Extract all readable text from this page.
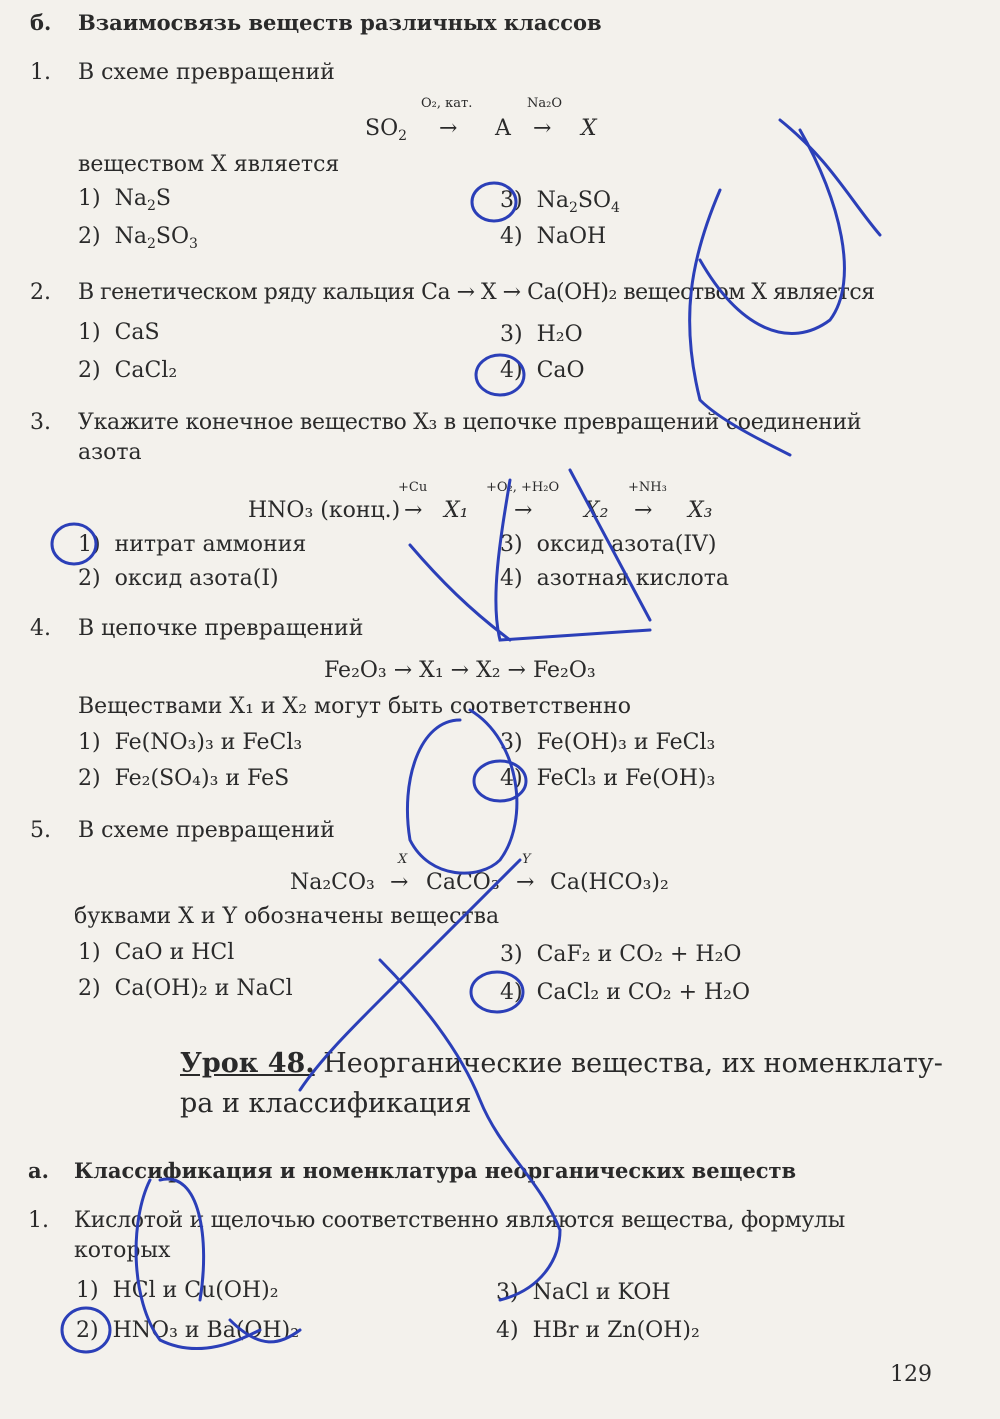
б. Взаимосвязь веществ различных классов
1. В схеме превращений
$SO_2$
O₂, кат.
→ A
Na₂O
→ X
веществом X является
1) $Na_2S$	3) $Na_2SO_4$
2) $Na_2SO_3$	4) NaOH
2. В генетическом ряду кальция Ca → X → Ca(OH)₂ веществом X является
1) CaS	3) H₂O
2) CaCl₂	4) CaO
3. Укажите конечное вещество X₃ в цепочке превращений соединений
азота
HNO₃ (конц.)
+Cu
→ X₁
+O₂, +H₂O
→ X₂
+NH₃
→ X₃
1) нитрат аммония	3) оксид азота(IV)
2) оксид азота(I)	4) азотная кислота
4. В цепочке превращений
Fe₂O₃ → X₁ → X₂ → Fe₂O₃
Веществами X₁ и X₂ могут быть соответственно
1) Fe(NO₃)₃ и FeCl₃	3) Fe(OH)₃ и FeCl₃
2) Fe₂(SO₄)₃ и FeS	4) FeCl₃ и Fe(OH)₃
5. В схеме превращений
Na₂CO₃
X
→ CaCO₃
Y
→ Ca(HCO₃)₂
буквами X и Y обозначены вещества
1) CaO и HCl	3) CaF₂ и CO₂ + H₂O
2) Ca(OH)₂ и NaCl	4) CaCl₂ и CO₂ + H₂O
Урок 48. Неорганические вещества, их номенклату-
ра и классификация
а. Классификация и номенклатура неорганических веществ
1. Кислотой и щелочью соответственно являются вещества, формулы
которых
1) HCl и Cu(OH)₂	3) NaCl и KOH
2) HNO₃ и Ba(OH)₂	4) HBr и Zn(OH)₂
129
